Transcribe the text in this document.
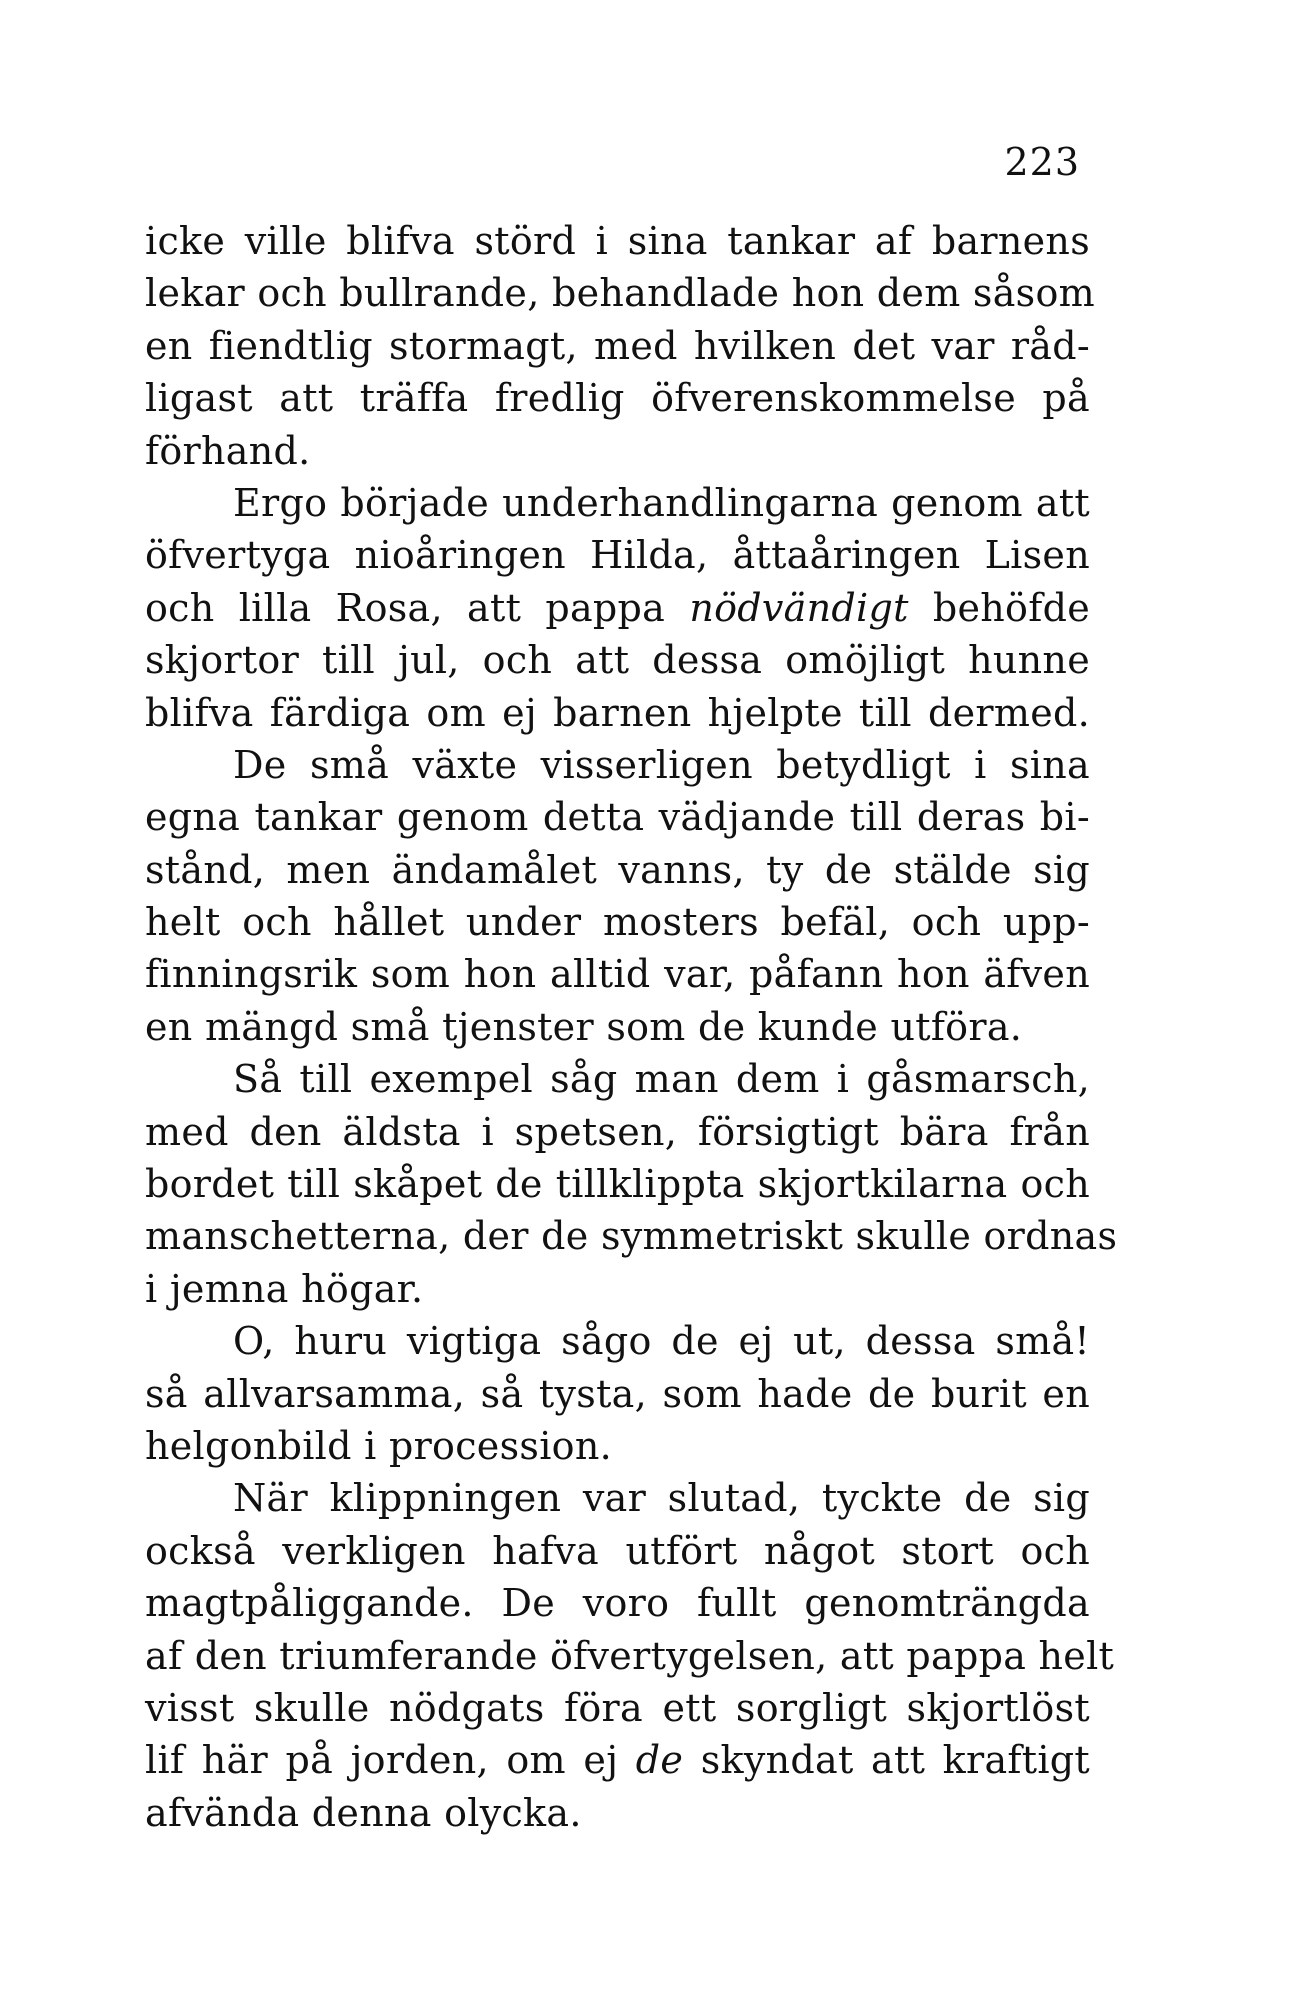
223
icke ville blifva störd i sina tankar af barnens
lekar och bullrande, behandlade hon dem såsom
en fiendtlig stormagt, med hvilken det var råd-
ligast att träffa fredlig öfverenskommelse på
förhand.
Ergo började underhandlingarna genom att
öfvertyga nioåringen Hilda, åttaåringen Lisen
och lilla Rosa, att pappa nödvändigt behöfde
skjortor till jul, och att dessa omöjligt hunne
blifva färdiga om ej barnen hjelpte till dermed.
De små växte visserligen betydligt i sina
egna tankar genom detta vädjande till deras bi-
stånd, men ändamålet vanns, ty de stälde sig
helt och hållet under mosters befäl, och upp-
finningsrik som hon alltid var, påfann hon äfven
en mängd små tjenster som de kunde utföra.
Så till exempel såg man dem i gåsmarsch,
med den äldsta i spetsen, försigtigt bära från
bordet till skåpet de tillklippta skjortkilarna och
manschetterna, der de symmetriskt skulle ordnas
i jemna högar.
O, huru vigtiga sågo de ej ut, dessa små!
så allvarsamma, så tysta, som hade de burit en
helgonbild i procession.
När klippningen var slutad, tyckte de sig
också verkligen hafva utfört något stort och
magtpåliggande. De voro fullt genomträngda
af den triumferande öfvertygelsen, att pappa helt
visst skulle nödgats föra ett sorgligt skjortlöst
lif här på jorden, om ej de skyndat att kraftigt
afvända denna olycka.
